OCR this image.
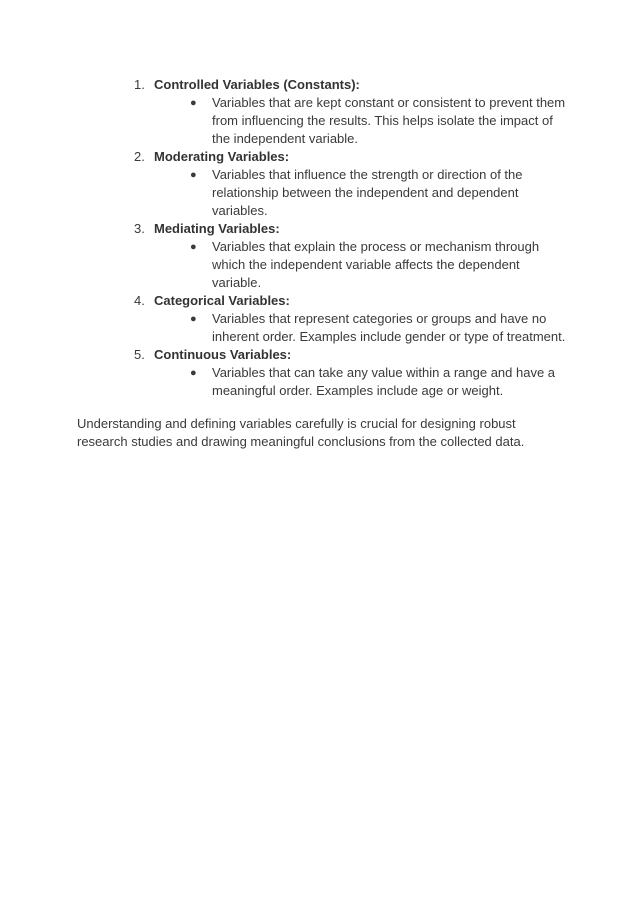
1. Controlled Variables (Constants):
● Variables that are kept constant or consistent to prevent them from influencing the results. This helps isolate the impact of the independent variable.
2. Moderating Variables:
● Variables that influence the strength or direction of the relationship between the independent and dependent variables.
3. Mediating Variables:
● Variables that explain the process or mechanism through which the independent variable affects the dependent variable.
4. Categorical Variables:
● Variables that represent categories or groups and have no inherent order. Examples include gender or type of treatment.
5. Continuous Variables:
● Variables that can take any value within a range and have a meaningful order. Examples include age or weight.

Understanding and defining variables carefully is crucial for designing robust research studies and drawing meaningful conclusions from the collected data.
